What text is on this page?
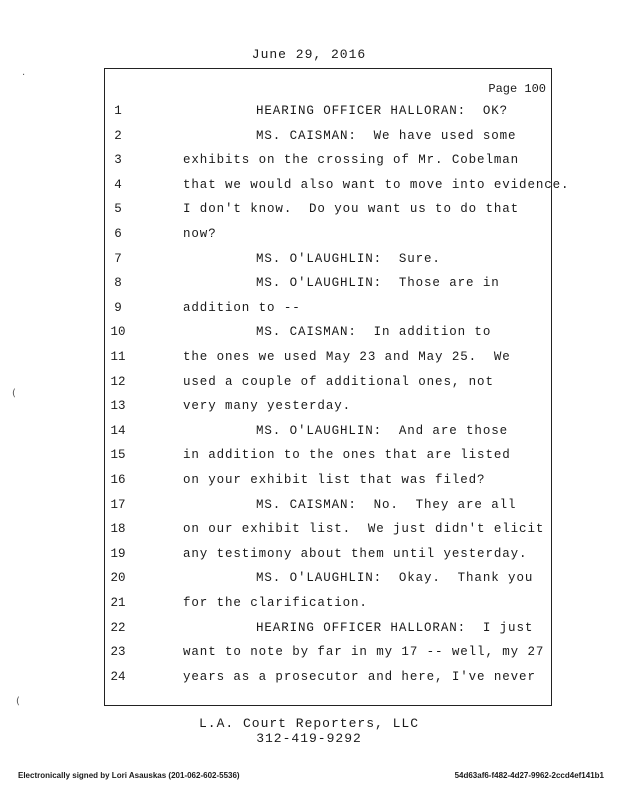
June 29, 2016
Page 100
1	HEARING OFFICER HALLORAN:  OK?
2	MS. CAISMAN:  We have used some
3	exhibits on the crossing of Mr. Cobelman
4	that we would also want to move into evidence.
5	I don't know.  Do you want us to do that
6	now?
7	MS. O'LAUGHLIN:  Sure.
8	MS. O'LAUGHLIN:  Those are in
9	addition to --
10	MS. CAISMAN:  In addition to
11	the ones we used May 23 and May 25.  We
12	used a couple of additional ones, not
13	very many yesterday.
14	MS. O'LAUGHLIN:  And are those
15	in addition to the ones that are listed
16	on your exhibit list that was filed?
17	MS. CAISMAN:  No.  They are all
18	on our exhibit list.  We just didn't elicit
19	any testimony about them until yesterday.
20	MS. O'LAUGHLIN:  Okay.  Thank you
21	for the clarification.
22	HEARING OFFICER HALLORAN:  I just
23	want to note by far in my 17 -- well, my 27
24	years as a prosecutor and here, I've never
·
(
(
L.A. Court Reporters, LLC
312-419-9292
Electronically signed by Lori Asauskas (201-062-602-5536)	54d63af6-f482-4d27-9962-2ccd4ef141b1
